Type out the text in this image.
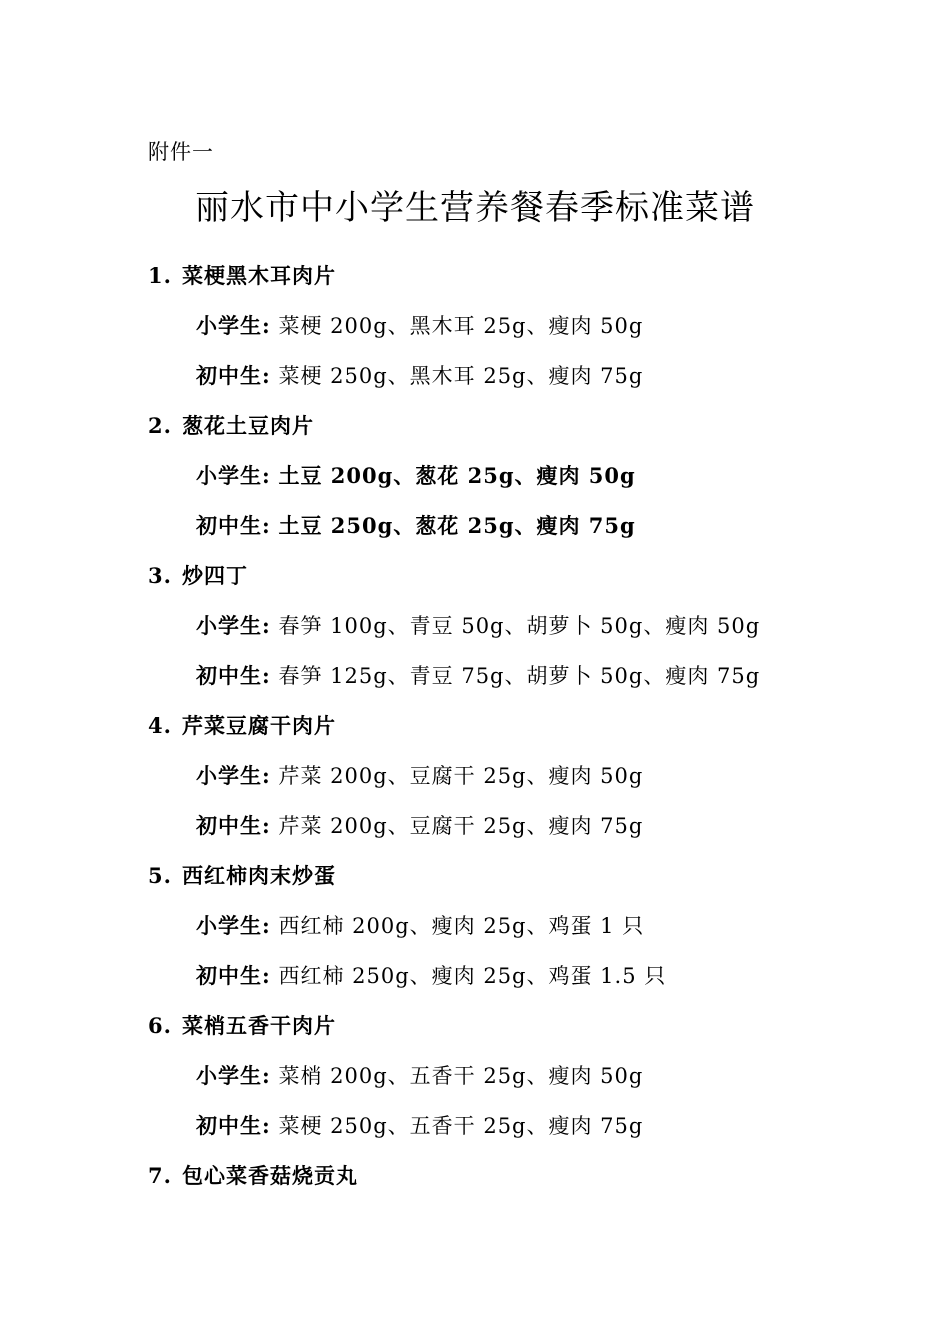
附件一
丽水市中小学生营养餐春季标准菜谱
1. 菜梗黑木耳肉片
小学生: 菜梗 200g、黑木耳 25g、瘦肉 50g
初中生: 菜梗 250g、黑木耳 25g、瘦肉 75g
2. 葱花土豆肉片
小学生: 土豆 200g、葱花 25g、瘦肉 50g
初中生: 土豆 250g、葱花 25g、瘦肉 75g
3. 炒四丁
小学生: 春笋 100g、青豆 50g、胡萝卜 50g、瘦肉 50g
初中生: 春笋 125g、青豆 75g、胡萝卜 50g、瘦肉 75g
4. 芹菜豆腐干肉片
小学生: 芹菜 200g、豆腐干 25g、瘦肉 50g
初中生: 芹菜 200g、豆腐干 25g、瘦肉 75g
5. 西红柿肉末炒蛋
小学生: 西红柿 200g、瘦肉 25g、鸡蛋 1 只
初中生: 西红柿 250g、瘦肉 25g、鸡蛋 1.5 只
6. 菜梢五香干肉片
小学生: 菜梢 200g、五香干 25g、瘦肉 50g
初中生: 菜梗 250g、五香干 25g、瘦肉 75g
7. 包心菜香菇烧贡丸
